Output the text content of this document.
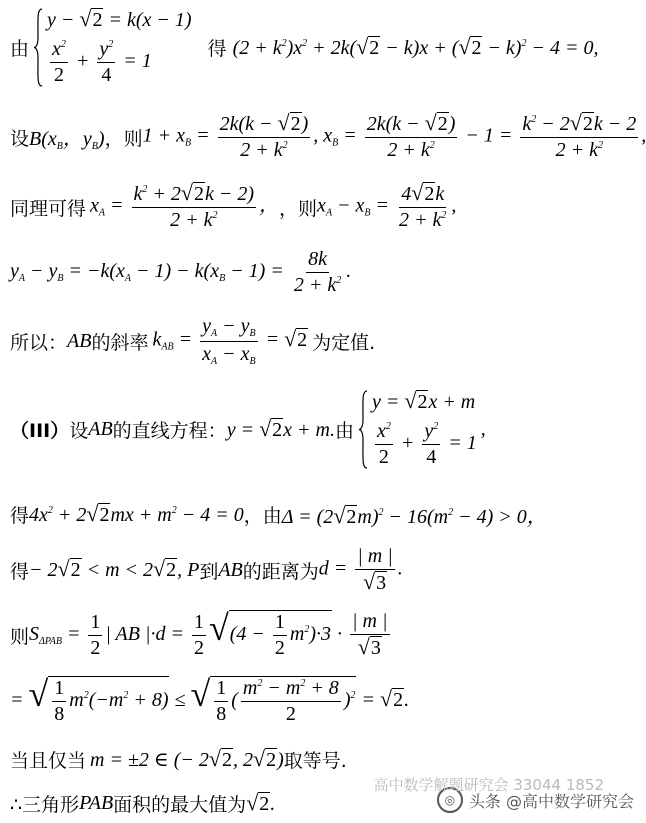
由
y − √ 2 = k(x − 1)
$\frac{x^2}{2} + \frac{y^2}{4} = 1$
得 $(2 + k^2)x^2 + 2k$( √ 2 − k)x + ( √ 2 − k)$^2$ − 4 = 0,
设 $B(x_B$，$y_B$) ，则 $1 + x_B = \frac{2k(k - √ 2 )}{2 + k^2}$ , $x_B = \frac{2k(k - √ 2 )}{2 + k^2} - 1 = \frac{k^2 - 2 √ 2 k - 2}{2 + k^2}$ ,
同理可得 $x_A = \frac{k^2 + 2 √ 2 k - 2)}{2 + k^2}$ ， ，则 $x_A - x_B = \frac{4 √ 2 k}{2 + k^2}$ ,
$y_A - y_B = -k(x_A - 1) - k(x_B - 1) = \frac{8k}{2 + k^2}$ .
所以： AB 的斜率 $k_{AB} = \frac{y_A - y_B}{x_A - x_B}$ = √ 2 为定值.
（III） 设 AB 的直线方程： y = √ 2 x + m. 由
y = √ 2 x + m
$\frac{x^2}{2} + \frac{y^2}{4} = 1$
,
得 $4x^2 + 2$ √ 2 mx + $m^2 - 4 = 0$ ，由 Δ = (2 √ 2 $m)^2 - 16(m^2 - 4) > 0$，
得 − 2 √ 2 < m < 2 √ 2 , P 到 AB 的距离为 $d = \frac{| m |}{√ 3}$ .
则 $S_{\Delta PAB} = \frac{1}{2}$ | AB $|\cdot d = \frac{1}{2}$ √ $(4 - \frac{1}{2} m^2)\cdot 3 \cdot \frac{| m |}{√ 3}$
= √ $\frac{1}{8} m^2(-m^2 + 8)$ ≤ √ $\frac{1}{8}$ ( $\frac{m^2 - m^2 + 8}{2} )^2$ = √ 2 .
当且仅当 m = ±2 ∈ (− 2 √ 2 , 2 √ 2 ) 取等号.
∴三角形 PAB 面积的最大值为 √ 2 .
高中数学解题研究会 33044 1852
◎ 头条 @高中数学研究会
